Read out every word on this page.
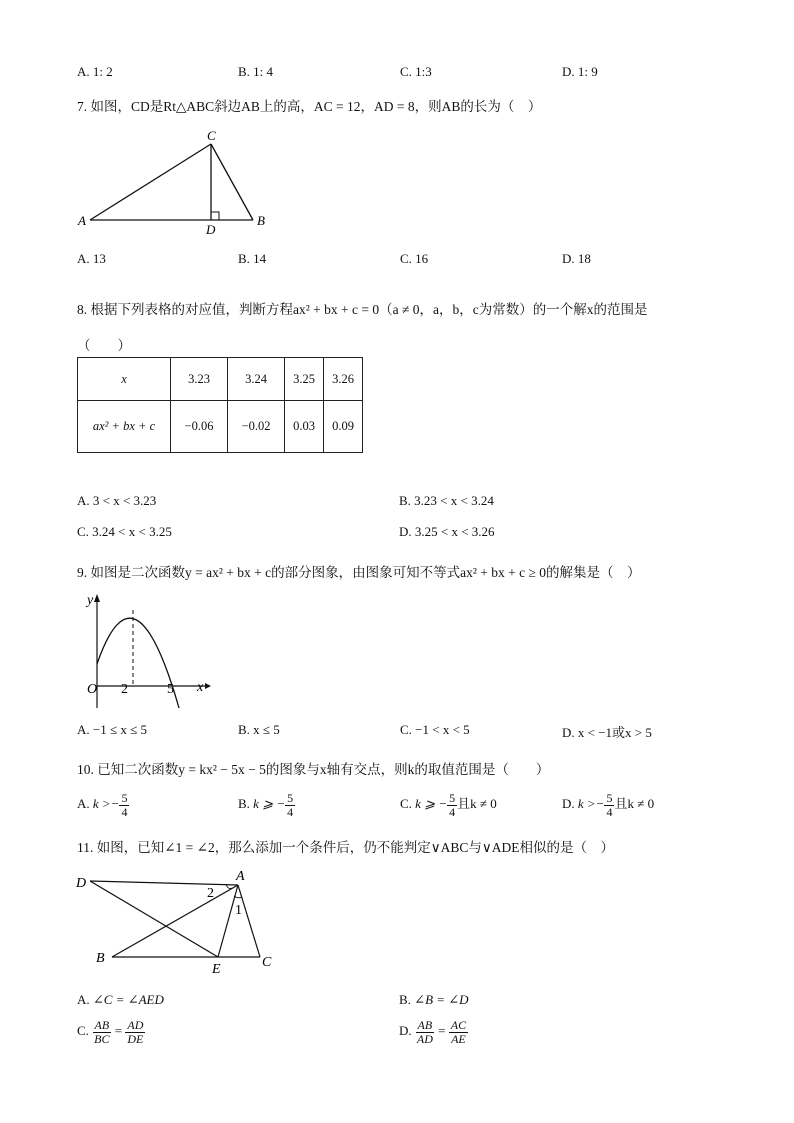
A. 1: 2	B. 1: 4	C. 1:3	D. 1: 9
7. 如图，CD是Rt△ABC斜边AB上的高，AC = 12，AD = 8，则AB的长为（　）
A
C
B
D
A. 13	B. 14	C. 16	D. 18
8. 根据下列表格的对应值，判断方程ax² + bx + c = 0（a ≠ 0，a，b，c为常数）的一个解x的范围是
（　　）
x	3.23	3.24	3.25	3.26
ax² + bx + c	−0.06	−0.02	0.03	0.09
A. 3 < x < 3.23	B. 3.23 < x < 3.24
C. 3.24 < x < 3.25	D. 3.25 < x < 3.26
9. 如图是二次函数y = ax² + bx + c的部分图象，由图象可知不等式ax² + bx + c ≥ 0的解集是（　）
y
x
O 2	5
A. −1 ≤ x ≤ 5	B. x ≤ 5	C. −1 < x < 5	D. x < −1或x > 5
10. 已知二次函数y = kx² − 5x − 5的图象与x轴有交点，则k的取值范围是（　　）
A. $k >- \frac{5}{4}$	B. k ⩾ − $\frac{5}{4}$	C. k ⩾ − $\frac{5}{4}$ 且k ≠ 0	D. $k >- \frac{5}{4}$ 且k ≠ 0
11. 如图，已知∠1 = ∠2，那么添加一个条件后，仍不能判定∨ABC与∨ADE相似的是（　）
D	A
B
E	C
2
1
A. ∠C = ∠AED	B. ∠B = ∠D
C. $\frac{AB}{BC} = \frac{AD}{DE}$	D. $\frac{AB}{AD} = \frac{AC}{AE}$
